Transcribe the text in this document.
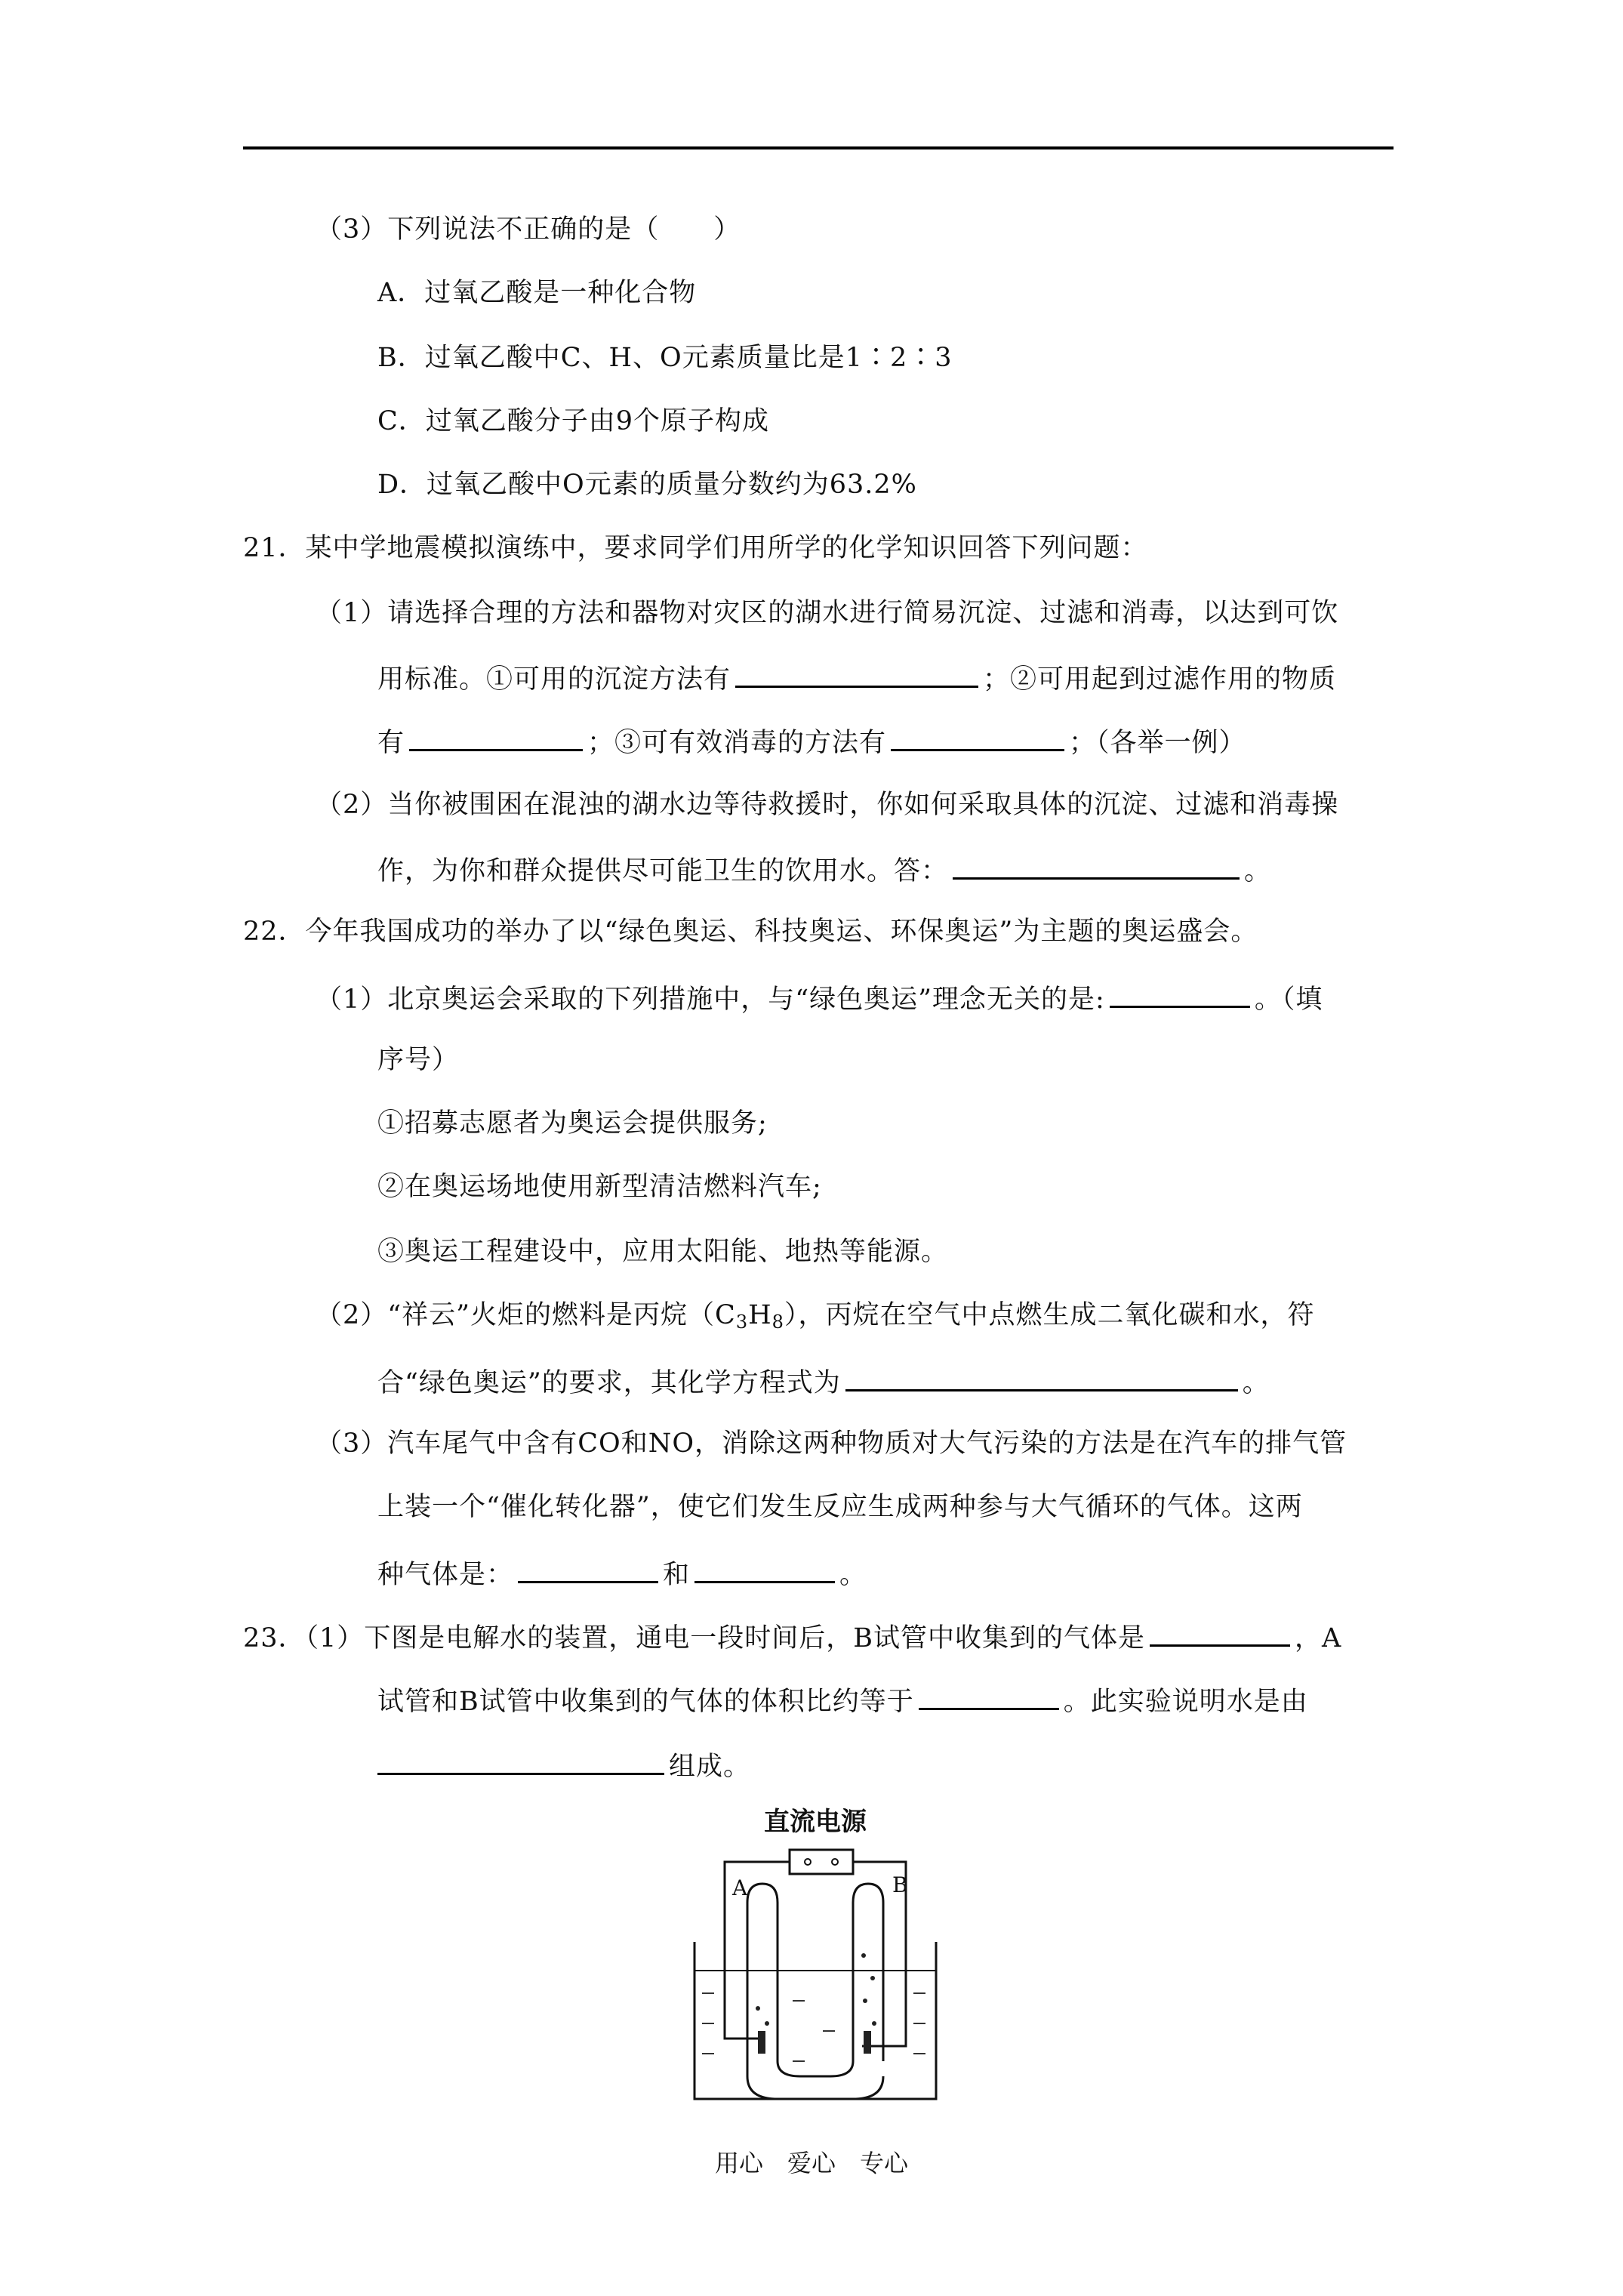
（3）下列说法不正确的是（　　）
A．过氧乙酸是一种化合物
B．过氧乙酸中C、H、O元素质量比是1∶2∶3
C．过氧乙酸分子由9个原子构成
D．过氧乙酸中O元素的质量分数约为63.2%
21．某中学地震模拟演练中，要求同学们用所学的化学知识回答下列问题：
（1）请选择合理的方法和器物对灾区的湖水进行简易沉淀、过滤和消毒，以达到可饮
用标准。①可用的沉淀方法有	；②可用起到过滤作用的物质
有	；③可有效消毒的方法有	；（各举一例）
（2）当你被围困在混浊的湖水边等待救援时，你如何采取具体的沉淀、过滤和消毒操
作，为你和群众提供尽可能卫生的饮用水。答：	。
22．今年我国成功的举办了以“绿色奥运、科技奥运、环保奥运”为主题的奥运盛会。
（1）北京奥运会采取的下列措施中，与“绿色奥运”理念无关的是:	。（填
序号）
①招募志愿者为奥运会提供服务;
②在奥运场地使用新型清洁燃料汽车;
③奥运工程建设中，应用太阳能、地热等能源。
（2）“祥云”火炬的燃料是丙烷$(C_3H_8)$，丙烷在空气中点燃生成二氧化碳和水，符
合“绿色奥运”的要求，其化学方程式为	。
（3）汽车尾气中含有CO和NO，消除这两种物质对大气污染的方法是在汽车的排气管
上装一个“催化转化器”，使它们发生反应生成两种参与大气循环的气体。这两
种气体是：	和	。
23．（1）下图是电解水的装置，通电一段时间后，B试管中收集到的气体是	，A
试管和B试管中收集到的气体的体积比约等于	。此实验说明水是由
组成。
直流电源
A	B
用心　爱心　专心
